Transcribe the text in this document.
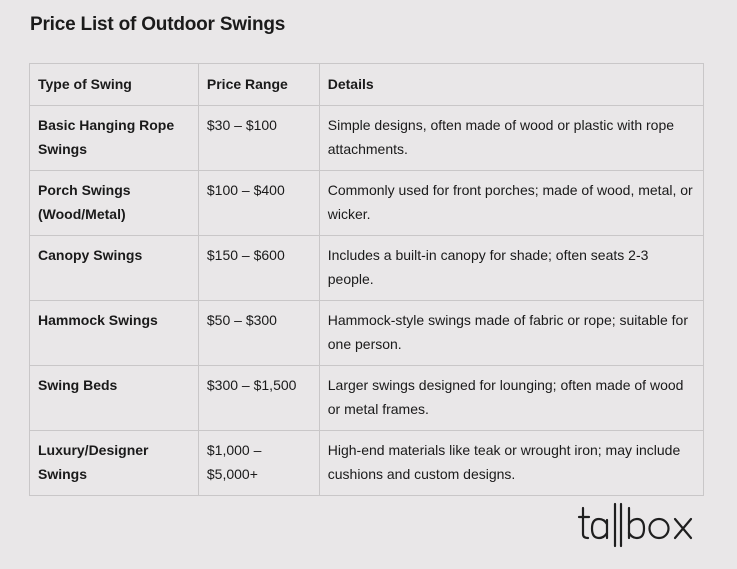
Price List of Outdoor Swings
Type of Swing	Price Range	Details
Basic Hanging Rope Swings	$30 – $100	Simple designs, often made of wood or plastic with rope attachments.
Porch Swings (Wood/Metal)	$100 – $400	Commonly used for front porches; made of wood, metal, or wicker.
Canopy Swings	$150 – $600	Includes a built-in canopy for shade; often seats 2-3 people.
Hammock Swings	$50 – $300	Hammock-style swings made of fabric or rope; suitable for one person.
Swing Beds	$300 – $1,500	Larger swings designed for lounging; often made of wood or metal frames.
Luxury/Designer Swings	$1,000 – $5,000+	High-end materials like teak or wrought iron; may include cushions and custom designs.
